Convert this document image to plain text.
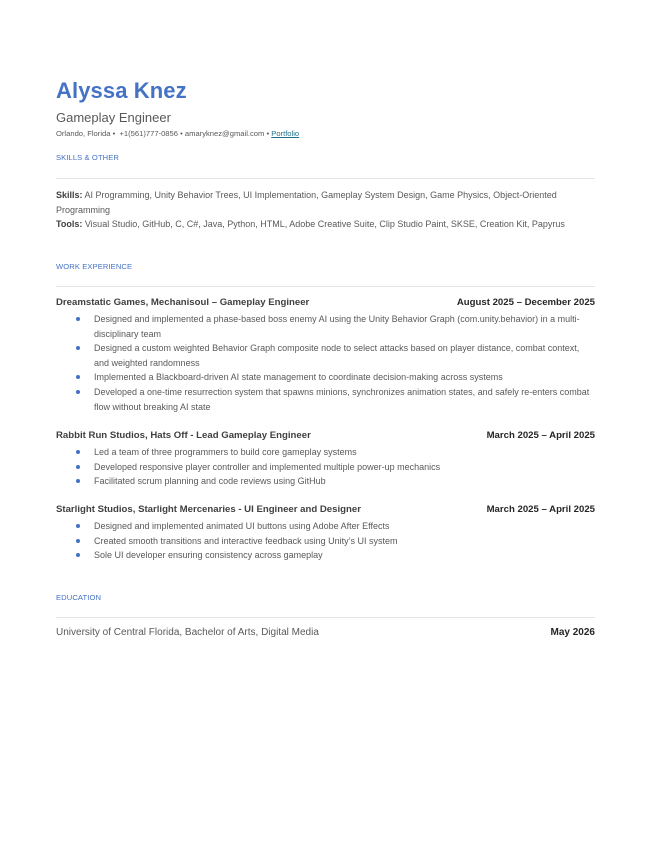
Alyssa Knez
Gameplay Engineer
Orlando, Florida • +1(561)777-0856 • amaryknez@gmail.com • Portfolio
SKILLS & OTHER
Skills: AI Programming, Unity Behavior Trees, UI Implementation, Gameplay System Design, Game Physics, Object-Oriented Programming
Tools: Visual Studio, GitHub, C, C#, Java, Python, HTML, Adobe Creative Suite, Clip Studio Paint, SKSE, Creation Kit, Papyrus
WORK EXPERIENCE
Dreamstatic Games, Mechanisoul – Gameplay Engineer	August 2025 – December 2025
Designed and implemented a phase-based boss enemy AI using the Unity Behavior Graph (com.unity.behavior) in a multi-disciplinary team
Designed a custom weighted Behavior Graph composite node to select attacks based on player distance, combat context, and weighted randomness
Implemented a Blackboard-driven AI state management to coordinate decision-making across systems
Developed a one-time resurrection system that spawns minions, synchronizes animation states, and safely re-enters combat flow without breaking AI state
Rabbit Run Studios, Hats Off - Lead Gameplay Engineer	March 2025 – April 2025
Led a team of three programmers to build core gameplay systems
Developed responsive player controller and implemented multiple power-up mechanics
Facilitated scrum planning and code reviews using GitHub
Starlight Studios, Starlight Mercenaries - UI Engineer and Designer	March 2025 – April 2025
Designed and implemented animated UI buttons using Adobe After Effects
Created smooth transitions and interactive feedback using Unity’s UI system
Sole UI developer ensuring consistency across gameplay
EDUCATION
University of Central Florida, Bachelor of Arts, Digital Media	May 2026
